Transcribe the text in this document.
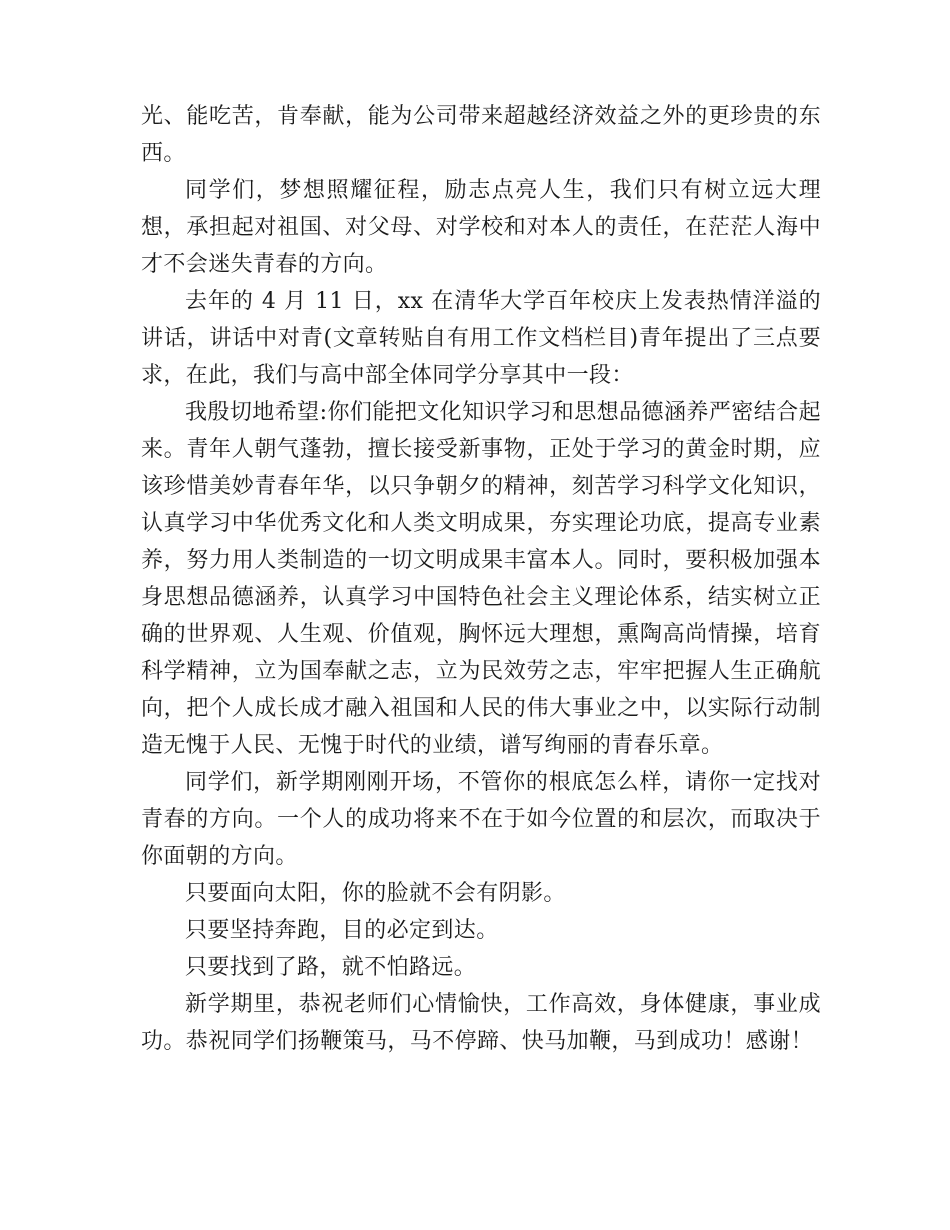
光、能吃苦，肯奉献，能为公司带来超越经济效益之外的更珍贵的东西。

同学们，梦想照耀征程，励志点亮人生，我们只有树立远大理想，承担起对祖国、对父母、对学校和对本人的责任，在茫茫人海中才不会迷失青春的方向。

去年的 4 月 11 日，xx 在清华大学百年校庆上发表热情洋溢的讲话，讲话中对青(文章转贴自有用工作文档栏目)青年提出了三点要求，在此，我们与高中部全体同学分享其中一段：

我殷切地希望:你们能把文化知识学习和思想品德涵养严密结合起来。青年人朝气蓬勃，擅长接受新事物，正处于学习的黄金时期，应该珍惜美妙青春年华，以只争朝夕的精神，刻苦学习科学文化知识，认真学习中华优秀文化和人类文明成果，夯实理论功底，提高专业素养，努力用人类制造的一切文明成果丰富本人。同时，要积极加强本身思想品德涵养，认真学习中国特色社会主义理论体系，结实树立正确的世界观、人生观、价值观，胸怀远大理想，熏陶高尚情操，培育科学精神，立为国奉献之志，立为民效劳之志，牢牢把握人生正确航向，把个人成长成才融入祖国和人民的伟大事业之中，以实际行动制造无愧于人民、无愧于时代的业绩，谱写绚丽的青春乐章。

同学们，新学期刚刚开场，不管你的根底怎么样，请你一定找对青春的方向。一个人的成功将来不在于如今位置的和层次，而取决于你面朝的方向。

只要面向太阳，你的脸就不会有阴影。

只要坚持奔跑，目的必定到达。

只要找到了路，就不怕路远。

新学期里，恭祝老师们心情愉快，工作高效，身体健康，事业成功。恭祝同学们扬鞭策马，马不停蹄、快马加鞭，马到成功！感谢！
